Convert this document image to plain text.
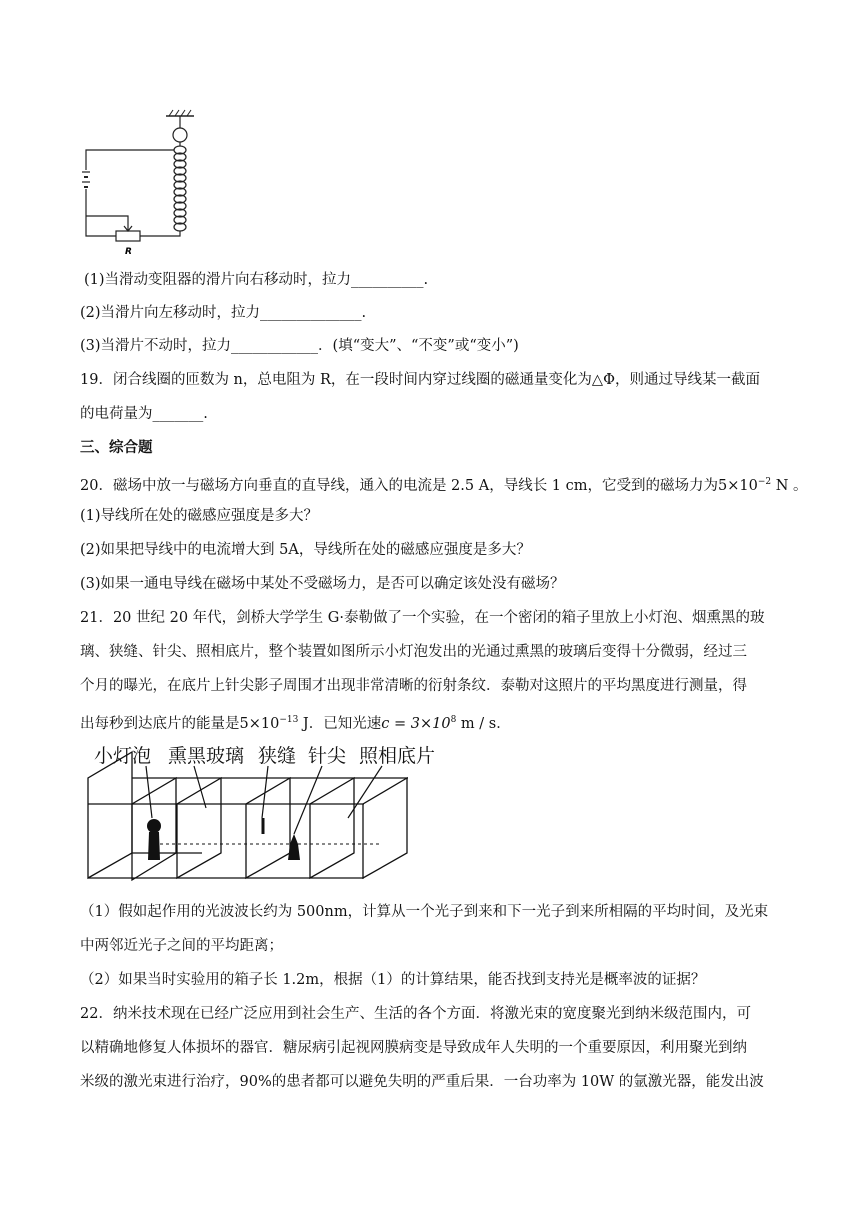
R
(1)当滑动变阻器的滑片向右移动时，拉力__________.
(2)当滑片向左移动时，拉力______________.
(3)当滑片不动时，拉力____________．(填“变大”、“不变”或“变小”)
19．闭合线圈的匝数为 n，总电阻为 R，在一段时间内穿过线圈的磁通量变化为△Φ，则通过导线某一截面
的电荷量为_______.
三、综合题
20．磁场中放一与磁场方向垂直的直导线，通入的电流是 2.5 A，导线长 1 cm，它受到的磁场力为$5\times 10^{-2}$ N 。
(1)导线所在处的磁感应强度是多大？
(2)如果把导线中的电流增大到 5A，导线所在处的磁感应强度是多大？
(3)如果一通电导线在磁场中某处不受磁场力，是否可以确定该处没有磁场？
21．20 世纪 20 年代，剑桥大学学生 G·泰勒做了一个实验，在一个密闭的箱子里放上小灯泡、烟熏黑的玻
璃、狭缝、针尖、照相底片，整个装置如图所示小灯泡发出的光通过熏黑的玻璃后变得十分微弱，经过三
个月的曝光，在底片上针尖影子周围才出现非常清晰的衍射条纹．泰勒对这照片的平均黑度进行测量，得
出每秒到达底片的能量是$5\times 10^{-13}$ J．已知光速$c = 3\times 10^8$ m / s．
小灯泡 熏黑玻璃 狭缝 针尖 照相底片
（1）假如起作用的光波波长约为 500nm，计算从一个光子到来和下一光子到来所相隔的平均时间，及光束
中两邻近光子之间的平均距离；
（2）如果当时实验用的箱子长 1.2m，根据（1）的计算结果，能否找到支持光是概率波的证据？
22．纳米技术现在已经广泛应用到社会生产、生活的各个方面．将激光束的宽度聚光到纳米级范围内，可
以精确地修复人体损坏的器官．糖尿病引起视网膜病变是导致成年人失明的一个重要原因，利用聚光到纳
米级的激光束进行治疗，90%的患者都可以避免失明的严重后果．一台功率为 10W 的氩激光器，能发出波
